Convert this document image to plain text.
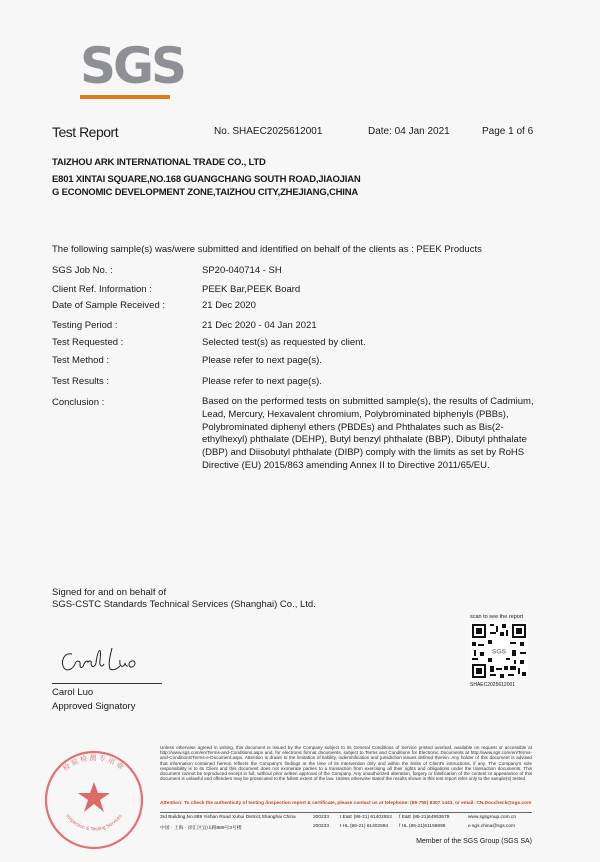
SGS
Test Report	No. SHAEC2025612001	Date: 04 Jan 2021	Page 1 of 6
TAIZHOU ARK INTERNATIONAL TRADE CO., LTD
E801 XINTAI SQUARE,NO.168 GUANGCHANG SOUTH ROAD,JIAOJIAN
G ECONOMIC DEVELOPMENT ZONE,TAIZHOU CITY,ZHEJIANG,CHINA
The following sample(s) was/were submitted and identified on behalf of the clients as : PEEK Products
SGS Job No. :	SP20-040714 - SH
Client Ref. Information :	PEEK Bar,PEEK Board
Date of Sample Received :	21 Dec 2020
Testing Period :	21 Dec 2020 - 04 Jan 2021
Test Requested :	Selected test(s) as requested by client.
Test Method :	Please refer to next page(s).
Test Results :	Please refer to next page(s).
Conclusion :	Based on the performed tests on submitted sample(s), the results of Cadmium, Lead, Mercury, Hexavalent chromium, Polybrominated biphenyls (PBBs), Polybrominated diphenyl ethers (PBDEs) and Phthalates such as Bis(2-ethylhexyl) phthalate (DEHP), Butyl benzyl phthalate (BBP), Dibutyl phthalate (DBP) and Diisobutyl phthalate (DIBP) comply with the limits as set by RoHS Directive (EU) 2015/863 amending Annex II to Directive 2011/65/EU.
Signed for and on behalf of
SGS-CSTC Standards Technical Services (Shanghai) Co., Ltd.
Carol Luo
Carol Luo
Approved Signatory
scan to see the report
SGS
SHAEC2025612001
检验检测专用章
Inspection & Testing Services
Unless otherwise agreed in writing, this document is issued by the Company subject to its General Conditions of Service printed overleaf, available on request or accessible at http://www.sgs.com/en/Terms-and-Conditions.aspx and, for electronic format documents, subject to Terms and Conditions for Electronic Documents at http://www.sgs.com/en/Terms-and-Conditions/Terms-e-Document.aspx. Attention is drawn to the limitation of liability, indemnification and jurisdiction issues defined therein. Any holder of this document is advised that information contained hereon reflects the Company's findings at the time of its intervention only and within the limits of Client's instructions, if any. The Company's sole responsibility is to its Client and this document does not exonerate parties to a transaction from exercising all their rights and obligations under the transaction documents. This document cannot be reproduced except in full, without prior written approval of the Company. Any unauthorized alteration, forgery or falsification of the content or appearance of this document is unlawful and offenders may be prosecuted to the fullest extent of the law. Unless otherwise stated the results shown in this test report refer only to the sample(s) tested.
Attention: To check the authenticity of testing /inspection report & certificate, please contact us at telephone: (86-755) 8307 1443, or email: CN.Doccheck@sgs.com
3rd Building,No.889 Yishan Road Xuhui District,Shanghai China
中国 · 上海 · 徐汇区宜山路889号3号楼
200233
200233
t E&E (86-21) 61402553 f E&E (86-21)64953679	www.sgsgroup.com.cn
t HL (86-21) 61402594 f HL (86-21)61156899	e sgs.china@sgs.com
Member of the SGS Group (SGS SA)
